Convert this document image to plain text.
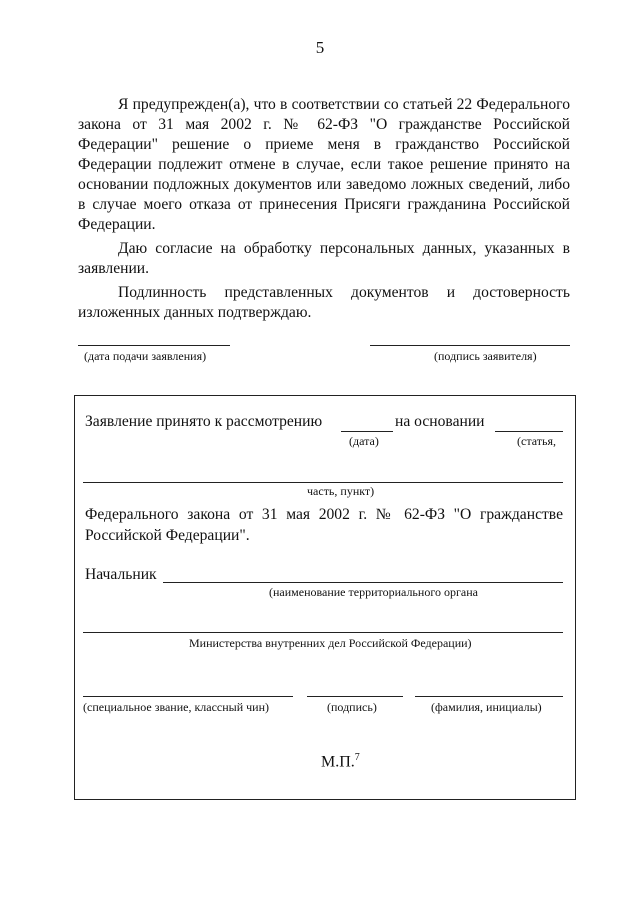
5

Я предупрежден(а), что в соответствии со статьей 22 Федерального закона от 31 мая 2002 г. № 62-ФЗ "О гражданстве Российской Федерации" решение о приеме меня в гражданство Российской Федерации подлежит отмене в случае, если такое решение принято на основании подложных документов или заведомо ложных сведений, либо в случае моего отказа от принесения Присяги гражданина Российской Федерации.

Даю согласие на обработку персональных данных, указанных в заявлении.

Подлинность представленных документов и достоверность изложенных данных подтверждаю.

(дата подачи заявления)	(подпись заявителя)
Заявление принято к рассмотрению	на основании
(дата)	(статья,
часть, пункт)

Федерального закона от 31 мая 2002 г. № 62-ФЗ "О гражданстве Российской Федерации".

Начальник
(наименование территориального органа
Министерства внутренних дел Российской Федерации)
(специальное звание, классный чин)	(подпись)	(фамилия, инициалы)
М.П.$^7$
